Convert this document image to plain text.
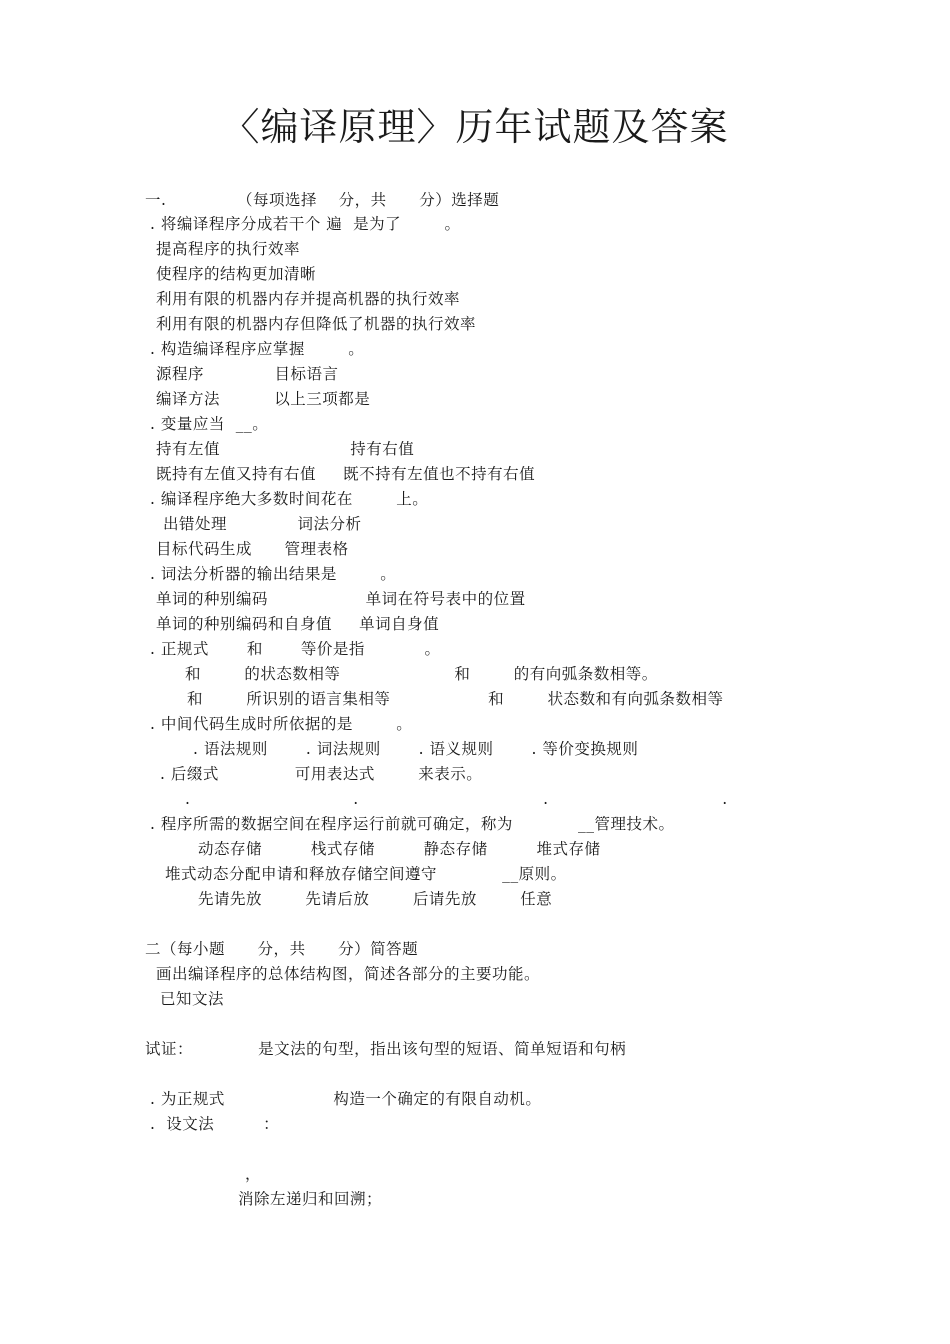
〈编译原理〉历年试题及答案
一.             （每项选择    分，共      分）选择题
. 将编译程序分成若干个 遍  是为了        。
提高程序的执行效率
使程序的结构更加清晰
利用有限的机器内存并提高机器的执行效率
利用有限的机器内存但降低了机器的执行效率
. 构造编译程序应掌握        。
源程序             目标语言
编译方法          以上三项都是
. 变量应当  __。
持有左值                        持有右值
既持有左值又持有右值     既不持有左值也不持有右值
. 编译程序绝大多数时间花在        上。
出错处理             词法分析
目标代码生成      管理表格
. 词法分析器的输出结果是        。
单词的种别编码                  单词在符号表中的位置
单词的种别编码和自身值     单词自身值
. 正规式       和       等价是指           。
和        的状态数相等                     和        的有向弧条数相等。
和        所识别的语言集相等                  和        状态数和有向弧条数相等
. 中间代码生成时所依据的是        。
. 语法规则       . 词法规则       . 语义规则       . 等价变换规则
. 后缀式              可用表达式        来表示。
.                              .                                  .                                .
. 程序所需的数据空间在程序运行前就可确定，称为            __管理技术。
动态存储         栈式存储         静态存储         堆式存储
堆式动态分配申请和释放存储空间遵守            __原则。
先请先放        先请后放        后请先放        任意
二（每小题      分，共      分）简答题
画出编译程序的总体结构图，简述各部分的主要功能。
已知文法
试证：            是文法的句型，指出该句型的短语、简单短语和句柄
. 为正规式                    构造一个确定的有限自动机。
.  设文法         ：
，
消除左递归和回溯；
